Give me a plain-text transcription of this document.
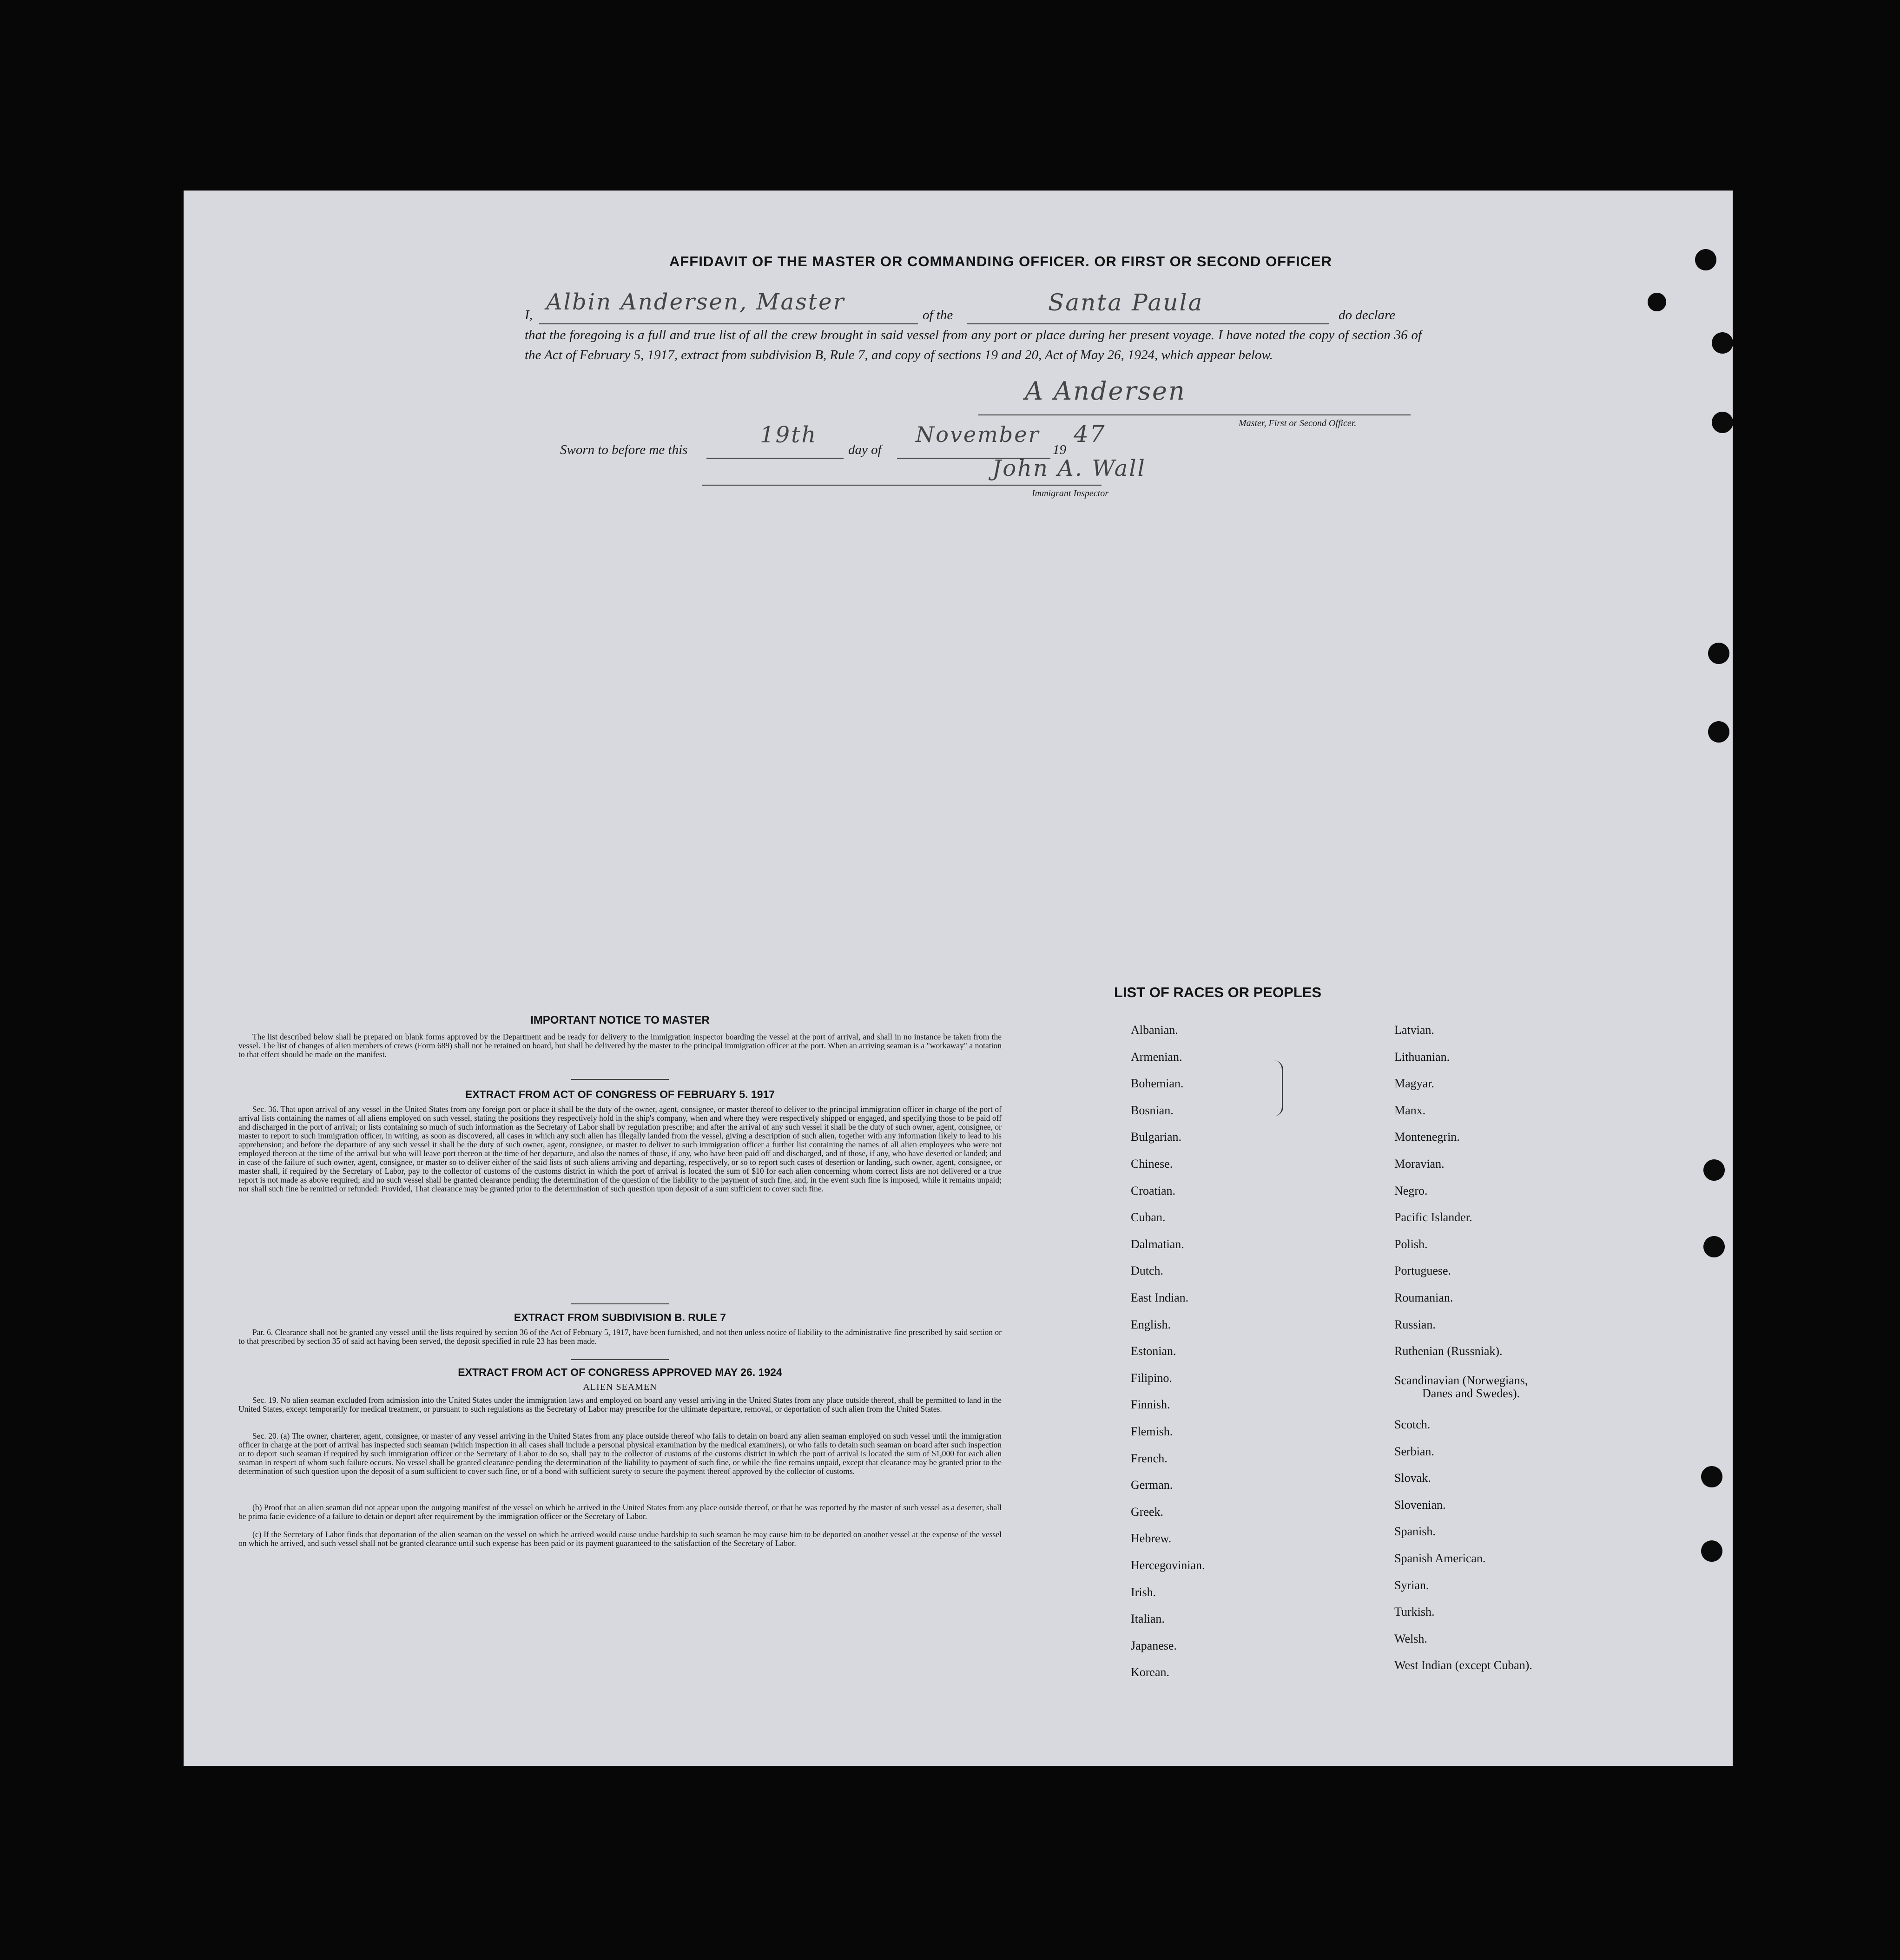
AFFIDAVIT OF THE MASTER OR COMMANDING OFFICER. OR FIRST OR SECOND OFFICER
I, Albin Andersen, Master	of the	Santa Paula	do declare
that the foregoing is a full and true list of all the crew brought in said vessel from any port or place during her present voyage. I have noted the copy of section 36 of the Act of February 5, 1917, extract from subdivision B, Rule 7, and copy of sections 19 and 20, Act of May 26, 1924, which appear below.
A Andersen
Master, First or Second Officer.
Sworn to before me this
19th
day of
November
19
47
John A. Wall
Immigrant Inspector
IMPORTANT NOTICE TO MASTER
The list described below shall be prepared on blank forms approved by the Department and be ready for delivery to the immigration inspector boarding the vessel at the port of arrival, and shall in no instance be taken from the vessel. The list of changes of alien members of crews (Form 689) shall not be retained on board, but shall be delivered by the master to the principal immigration officer at the port. When an arriving seaman is a "workaway" a notation to that effect should be made on the manifest.
EXTRACT FROM ACT OF CONGRESS OF FEBRUARY 5. 1917
Sec. 36. That upon arrival of any vessel in the United States from any foreign port or place it shall be the duty of the owner, agent, consignee, or master thereof to deliver to the principal immigration officer in charge of the port of arrival lists containing the names of all aliens employed on such vessel, stating the positions they respectively hold in the ship's company, when and where they were respectively shipped or engaged, and specifying those to be paid off and discharged in the port of arrival; or lists containing so much of such information as the Secretary of Labor shall by regulation prescribe; and after the arrival of any such vessel it shall be the duty of such owner, agent, consignee, or master to report to such immigration officer, in writing, as soon as discovered, all cases in which any such alien has illegally landed from the vessel, giving a description of such alien, together with any information likely to lead to his apprehension; and before the departure of any such vessel it shall be the duty of such owner, agent, consignee, or master to deliver to such immigration officer a further list containing the names of all alien employees who were not employed thereon at the time of the arrival but who will leave port thereon at the time of her departure, and also the names of those, if any, who have been paid off and discharged, and of those, if any, who have deserted or landed; and in case of the failure of such owner, agent, consignee, or master so to deliver either of the said lists of such aliens arriving and departing, respectively, or so to report such cases of desertion or landing, such owner, agent, consignee, or master shall, if required by the Secretary of Labor, pay to the collector of customs of the customs district in which the port of arrival is located the sum of $10 for each alien concerning whom correct lists are not delivered or a true report is not made as above required; and no such vessel shall be granted clearance pending the determination of the question of the liability to the payment of such fine, and, in the event such fine is imposed, while it remains unpaid; nor shall such fine be remitted or refunded: Provided, That clearance may be granted prior to the determination of such question upon deposit of a sum sufficient to cover such fine.
EXTRACT FROM SUBDIVISION B. RULE 7
Par. 6. Clearance shall not be granted any vessel until the lists required by section 36 of the Act of February 5, 1917, have been furnished, and not then unless notice of liability to the administrative fine prescribed by said section or to that prescribed by section 35 of said act having been served, the deposit specified in rule 23 has been made.
EXTRACT FROM ACT OF CONGRESS APPROVED MAY 26. 1924
ALIEN SEAMEN
Sec. 19. No alien seaman excluded from admission into the United States under the immigration laws and employed on board any vessel arriving in the United States from any place outside thereof, shall be permitted to land in the United States, except temporarily for medical treatment, or pursuant to such regulations as the Secretary of Labor may prescribe for the ultimate departure, removal, or deportation of such alien from the United States.
Sec. 20. (a) The owner, charterer, agent, consignee, or master of any vessel arriving in the United States from any place outside thereof who fails to detain on board any alien seaman employed on such vessel until the immigration officer in charge at the port of arrival has inspected such seaman (which inspection in all cases shall include a personal physical examination by the medical examiners), or who fails to detain such seaman on board after such inspection or to deport such seaman if required by such immigration officer or the Secretary of Labor to do so, shall pay to the collector of customs of the customs district in which the port of arrival is located the sum of $1,000 for each alien seaman in respect of whom such failure occurs. No vessel shall be granted clearance pending the determination of the liability to payment of such fine, or while the fine remains unpaid, except that clearance may be granted prior to the determination of such question upon the deposit of a sum sufficient to cover such fine, or of a bond with sufficient surety to secure the payment thereof approved by the collector of customs.
(b) Proof that an alien seaman did not appear upon the outgoing manifest of the vessel on which he arrived in the United States from any place outside thereof, or that he was reported by the master of such vessel as a deserter, shall be prima facie evidence of a failure to detain or deport after requirement by the immigration officer or the Secretary of Labor.
(c) If the Secretary of Labor finds that deportation of the alien seaman on the vessel on which he arrived would cause undue hardship to such seaman he may cause him to be deported on another vessel at the expense of the vessel on which he arrived, and such vessel shall not be granted clearance until such expense has been paid or its payment guaranteed to the satisfaction of the Secretary of Labor.
LIST OF RACES OR PEOPLES
Albanian.
Armenian.
Bohemian.
Bosnian.
Bulgarian.
Chinese.
Croatian.
Cuban.
Dalmatian.
Dutch.
East Indian.
English.
Estonian.
Filipino.
Finnish.
Flemish.
French.
German.
Greek.
Hebrew.
Hercegovinian.
Irish.
Italian.
Japanese.
Korean.
Latvian.
Lithuanian.
Magyar.
Manx.
Montenegrin.
Moravian.
Negro.
Pacific Islander.
Polish.
Portuguese.
Roumanian.
Russian.
Ruthenian (Russniak).
Scandinavian (Norwegians,
Danes and Swedes).
Scotch.
Serbian.
Slovak.
Slovenian.
Spanish.
Spanish American.
Syrian.
Turkish.
Welsh.
West Indian (except Cuban).
